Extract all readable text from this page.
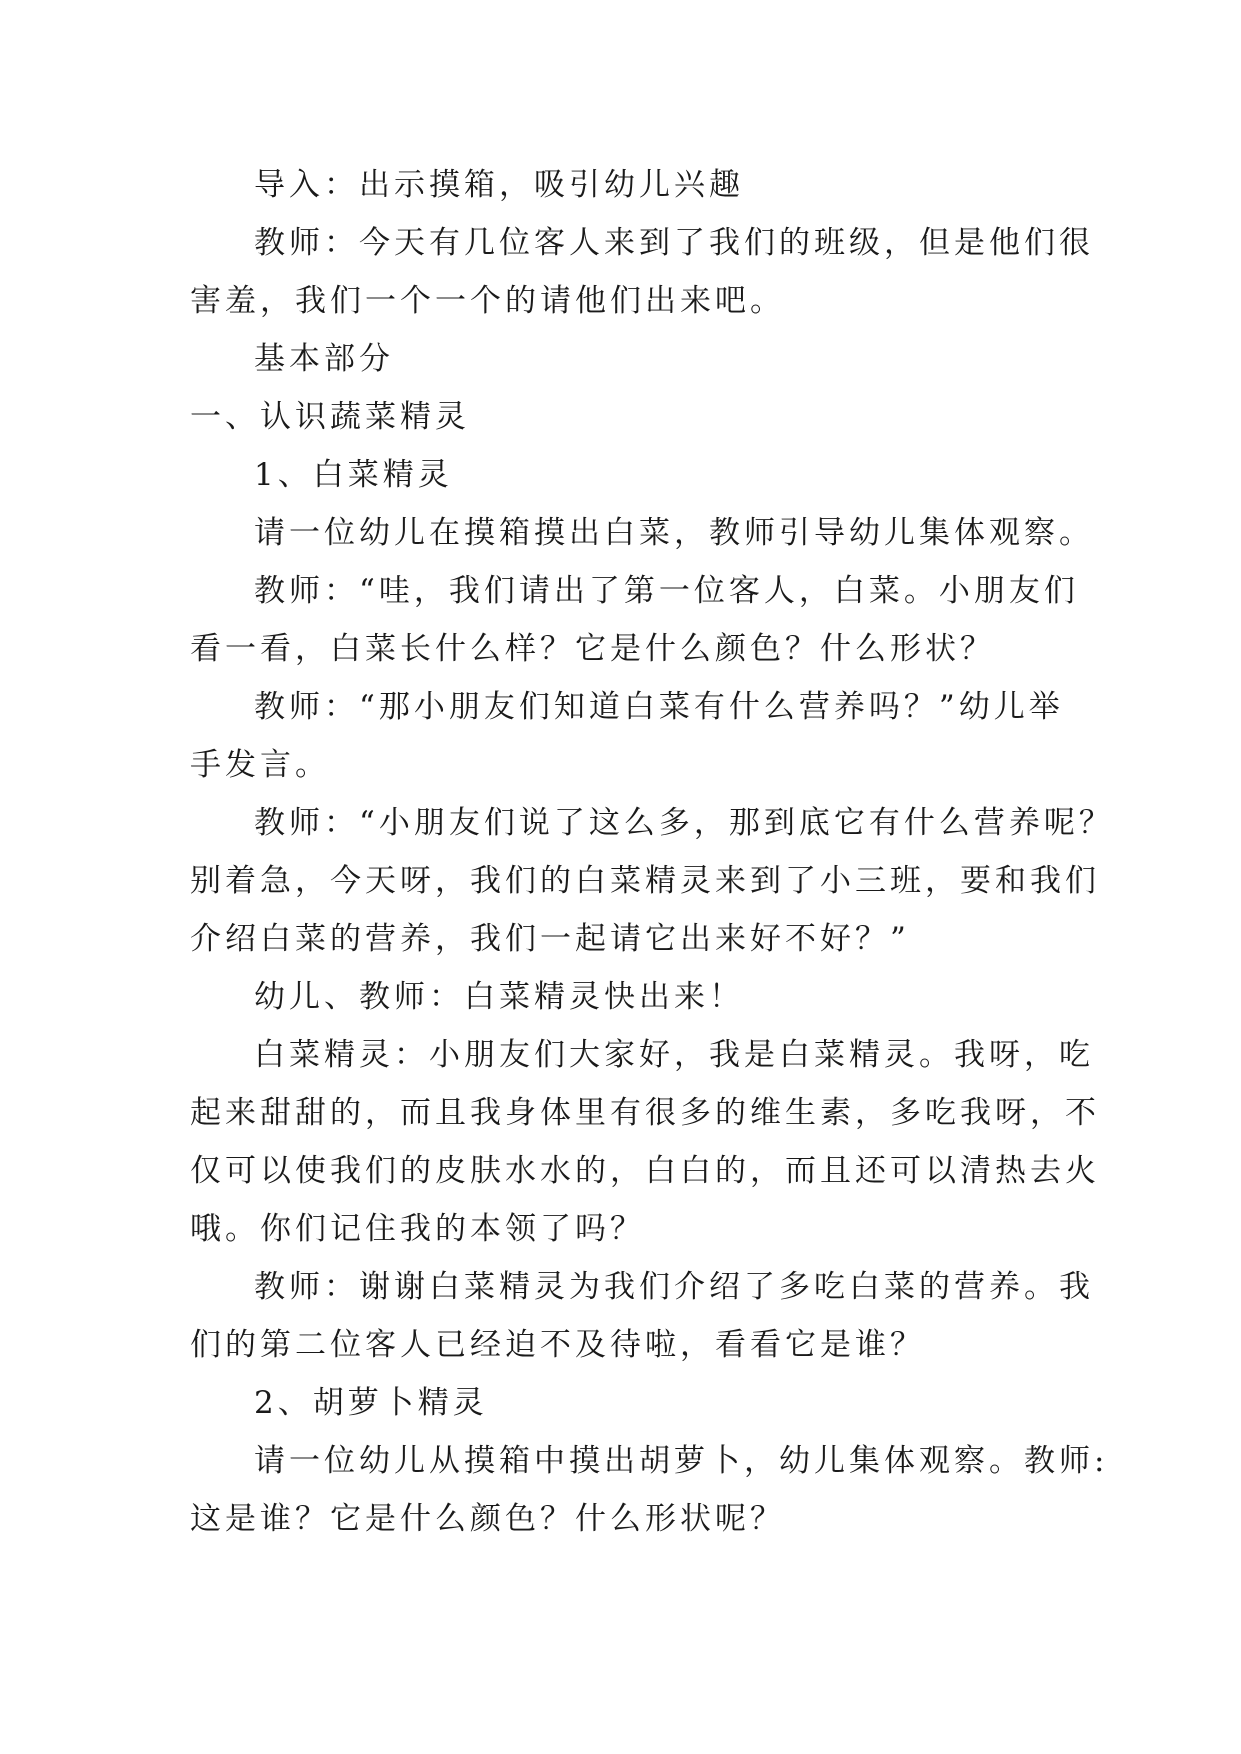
导入：出示摸箱，吸引幼儿兴趣
教师：今天有几位客人来到了我们的班级，但是他们很
害羞，我们一个一个的请他们出来吧。
基本部分
一、认识蔬菜精灵
1、白菜精灵
请一位幼儿在摸箱摸出白菜，教师引导幼儿集体观察。
教师：“哇，我们请出了第一位客人，白菜。小朋友们
看一看，白菜长什么样？它是什么颜色？什么形状？
教师：“那小朋友们知道白菜有什么营养吗？”幼儿举
手发言。
教师：“小朋友们说了这么多，那到底它有什么营养呢？
别着急，今天呀，我们的白菜精灵来到了小三班，要和我们
介绍白菜的营养，我们一起请它出来好不好？”
幼儿、教师：白菜精灵快出来！
白菜精灵：小朋友们大家好，我是白菜精灵。我呀，吃
起来甜甜的，而且我身体里有很多的维生素，多吃我呀，不
仅可以使我们的皮肤水水的，白白的，而且还可以清热去火
哦。你们记住我的本领了吗？
教师：谢谢白菜精灵为我们介绍了多吃白菜的营养。我
们的第二位客人已经迫不及待啦，看看它是谁？
2、胡萝卜精灵
请一位幼儿从摸箱中摸出胡萝卜，幼儿集体观察。教师:
这是谁？它是什么颜色？什么形状呢？
